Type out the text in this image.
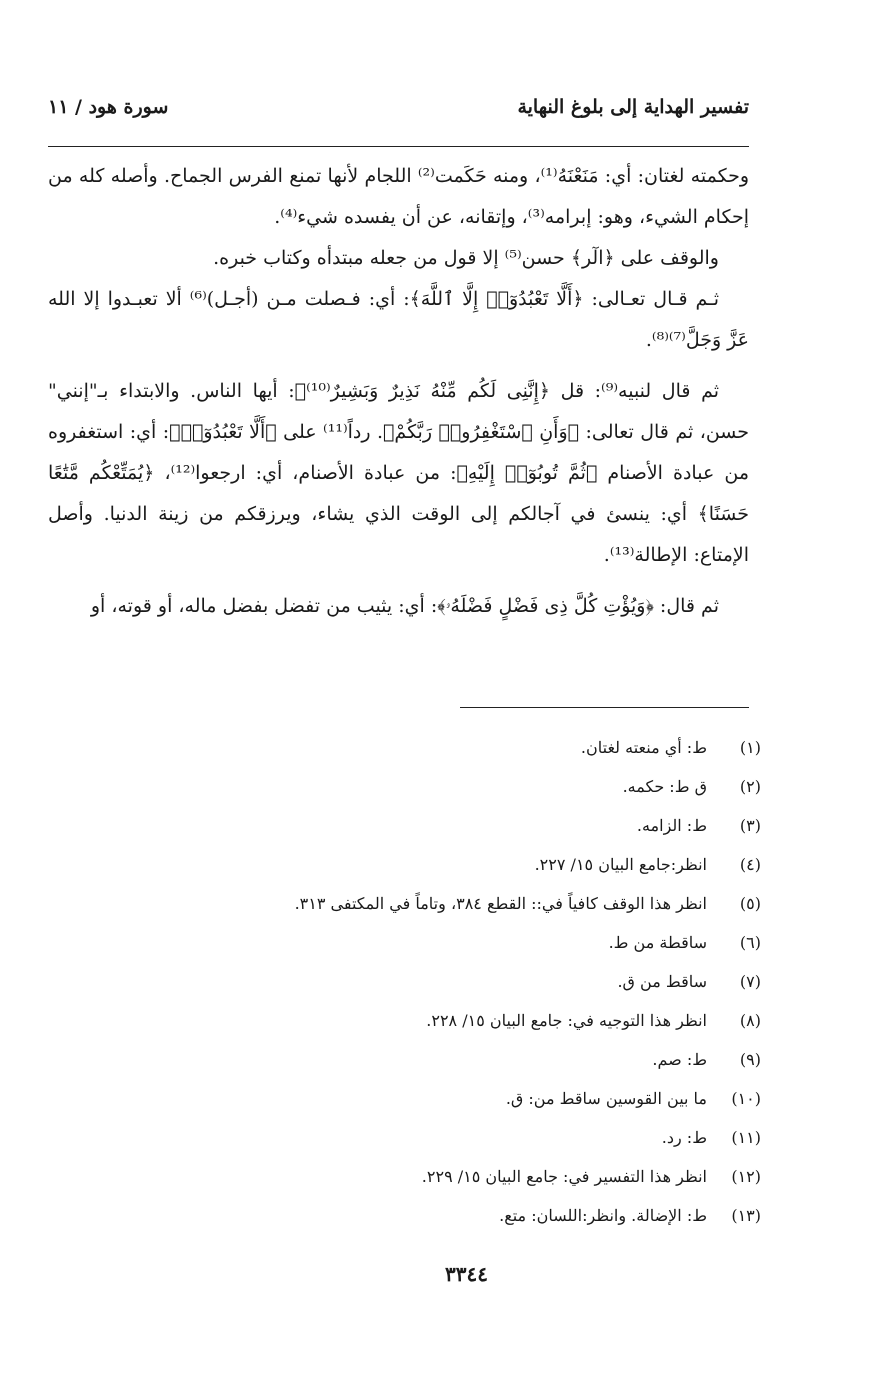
تفسير الهداية إلى بلوغ النهاية
سورة هود / ١١

وحكمته لغتان: أي: مَنَعْنَهُ⁽¹⁾، ومنه حَكَمت⁽²⁾ اللجام لأنها تمنع الفرس الجماح. وأصله كله من إحكام الشيء، وهو: إبرامه⁽³⁾، وإتقانه، عن أن يفسده شيء⁽⁴⁾.

والوقف على ﴿الٓر﴾ حسن⁽⁵⁾ إلا قول من جعله مبتدأه وكتاب خبره.

ثـم قـال تعـالى: ﴿أَلَّا تَعْبُدُوٓا۟ إِلَّا ٱللَّهَ﴾: أي: فـصلت مـن (أجـل)⁽⁶⁾ ألا تعبـدوا إلا الله عَزَّ وَجَلَّ⁽⁷⁾⁽⁸⁾.

ثم قال لنبيه⁽⁹⁾: قل ﴿إِنَّنِى لَكُم مِّنْهُ نَذِيرٌ وَبَشِيرٌ⁽¹⁰⁾﴾: أيها الناس. والابتداء بـ"إنني" حسن، ثم قال تعالى: ﴿وَأَنِ ٱسْتَغْفِرُوا۟ رَبَّكُمْ﴾. رداً⁽¹¹⁾ على ﴿أَلَّا تَعْبُدُوٓا۟﴾: أي: استغفروه من عبادة الأصنام ﴿ثُمَّ تُوبُوٓا۟ إِلَيْهِ﴾: من عبادة الأصنام، أي: ارجعوا⁽¹²⁾، ﴿يُمَتِّعْكُم مَّتَٰعًا حَسَنًا﴾ أي: ينسئ في آجالكم إلى الوقت الذي يشاء، ويرزقكم من زينة الدنيا. وأصل الإمتاع: الإطالة⁽¹³⁾.

ثم قال: ﴿وَيُؤْتِ كُلَّ ذِى فَضْلٍ فَضْلَهُۥ﴾: أي: يثيب من تفضل بفضل ماله، أو قوته، أو

(١)
ط: أي منعته لغتان.
(٢)
ق ط: حكمه.
(٣)
ط: الزامه.
(٤)
انظر:جامع البيان ١٥/ ٢٢٧.
(٥)
انظر هذا الوقف كافياً في:: القطع ٣٨٤، وتاماً في المكتفى ٣١٣.
(٦)
ساقطة من ط.
(٧)
ساقط من ق.
(٨)
انظر هذا التوجيه في: جامع البيان ١٥/ ٢٢٨.
(٩)
ط: صم.
(١٠)
ما بين القوسين ساقط من: ق.
(١١)
ط: رد.
(١٢)
انظر هذا التفسير في: جامع البيان ١٥/ ٢٢٩.
(١٣)
ط: الإضالة. وانظر:اللسان: متع.
٣٣٤٤
